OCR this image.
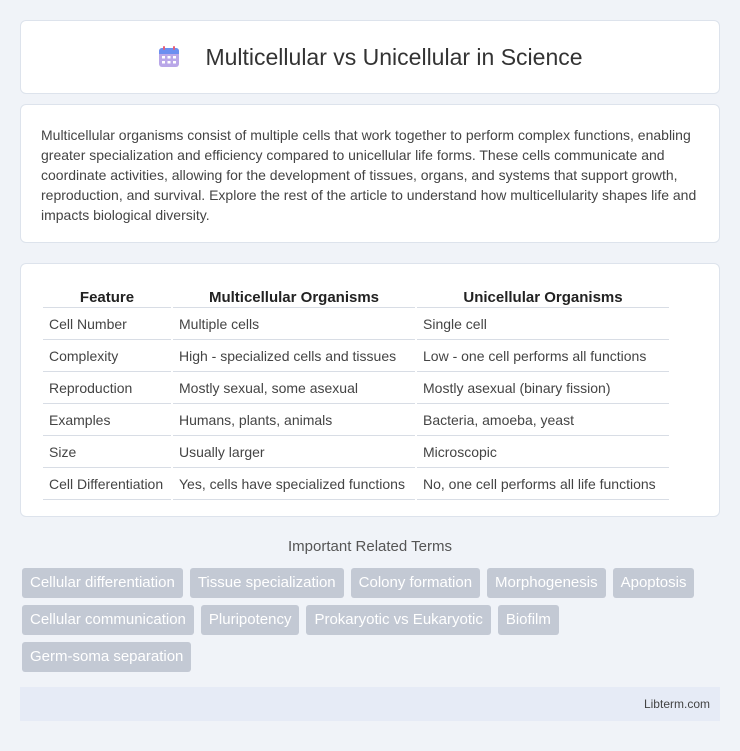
Multicellular vs Unicellular in Science

Multicellular organisms consist of multiple cells that work together to perform complex functions, enabling greater specialization and efficiency compared to unicellular life forms. These cells communicate and coordinate activities, allowing for the development of tissues, organs, and systems that support growth, reproduction, and survival. Explore the rest of the article to understand how multicellularity shapes life and impacts biological diversity.

Feature	Multicellular Organisms	Unicellular Organisms
Cell Number	Multiple cells	Single cell
Complexity	High - specialized cells and tissues	Low - one cell performs all functions
Reproduction	Mostly sexual, some asexual	Mostly asexual (binary fission)
Examples	Humans, plants, animals	Bacteria, amoeba, yeast
Size	Usually larger	Microscopic
Cell Differentiation	Yes, cells have specialized functions	No, one cell performs all life functions
Important Related Terms
Cellular differentiation	Tissue specialization	Colony formation	Morphogenesis	Apoptosis
Cellular communication	Pluripotency	Prokaryotic vs Eukaryotic	Biofilm
Germ-soma separation
Libterm.com
